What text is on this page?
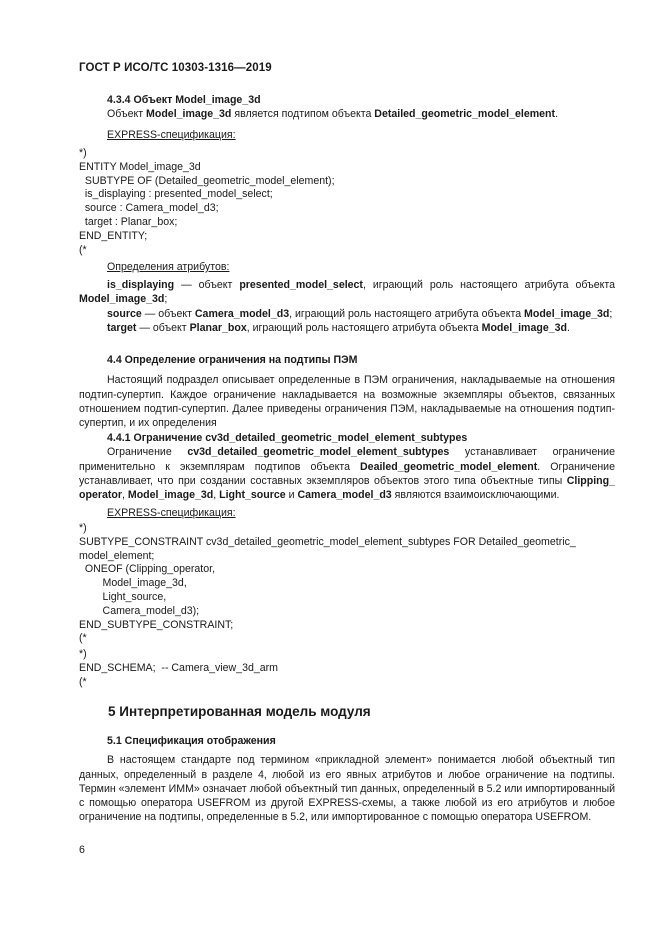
ГОСТ Р ИСО/ТС 10303-1316—2019

4.3.4 Объект Model_image_3d

Объект Model_image_3d является подтипом объекта Detailed_geometric_model_element.

EXPRESS-спецификация:

*)
ENTITY Model_image_3d
SUBTYPE OF (Detailed_geometric_model_element);
is_displaying : presented_model_select;
source : Camera_model_d3;
target : Planar_box;
END_ENTITY;
(*

Определения атрибутов:

is_displaying — объект presented_model_select, играющий роль настоящего атрибута объекта Model_image_3d;

source — объект Camera_model_d3, играющий роль настоящего атрибута объекта Model_image_3d;

target — объект Planar_box, играющий роль настоящего атрибута объекта Model_image_3d.

4.4 Определение ограничения на подтипы ПЭМ

Настоящий подраздел описывает определенные в ПЭМ ограничения, накладываемые на отношения подтип-супертип. Каждое ограничение накладывается на возможные экземпляры объектов, связанных отношением подтип-супертип. Далее приведены ограничения ПЭМ, накладываемые на отношения подтип-супертип, и их определения

4.4.1 Ограничение cv3d_detailed_geometric_model_element_subtypes

Ограничение cv3d_detailed_geometric_model_element_subtypes устанавливает ограничение применительно к экземплярам подтипов объекта Deailed_geometric_model_element. Ограничение устанавливает, что при создании составных экземпляров объектов этого типа объектные типы Clipping_ operator, Model_image_3d, Light_source и Camera_model_d3 являются взаимоисключающими.

EXPRESS-спецификация:

*)
SUBTYPE_CONSTRAINT cv3d_detailed_geometric_model_element_subtypes FOR Detailed_geometric_
model_element;
ONEOF (Clipping_operator,
Model_image_3d,
Light_source,
Camera_model_d3);
END_SUBTYPE_CONSTRAINT;
(*
*)
END_SCHEMA;  -- Camera_view_3d_arm
(*
5 Интерпретированная модель модуля

5.1 Спецификация отображения

В настоящем стандарте под термином «прикладной элемент» понимается любой объектный тип данных, определенный в разделе 4, любой из его явных атрибутов и любое ограничение на подтипы. Термин «элемент ИММ» означает любой объектный тип данных, определенный в 5.2 или импортированный с помощью оператора USEFROM из другой EXPRESS-схемы, а также любой из его атрибутов и любое ограничение на подтипы, определенные в 5.2, или импортированное с помощью оператора USEFROM.

6
